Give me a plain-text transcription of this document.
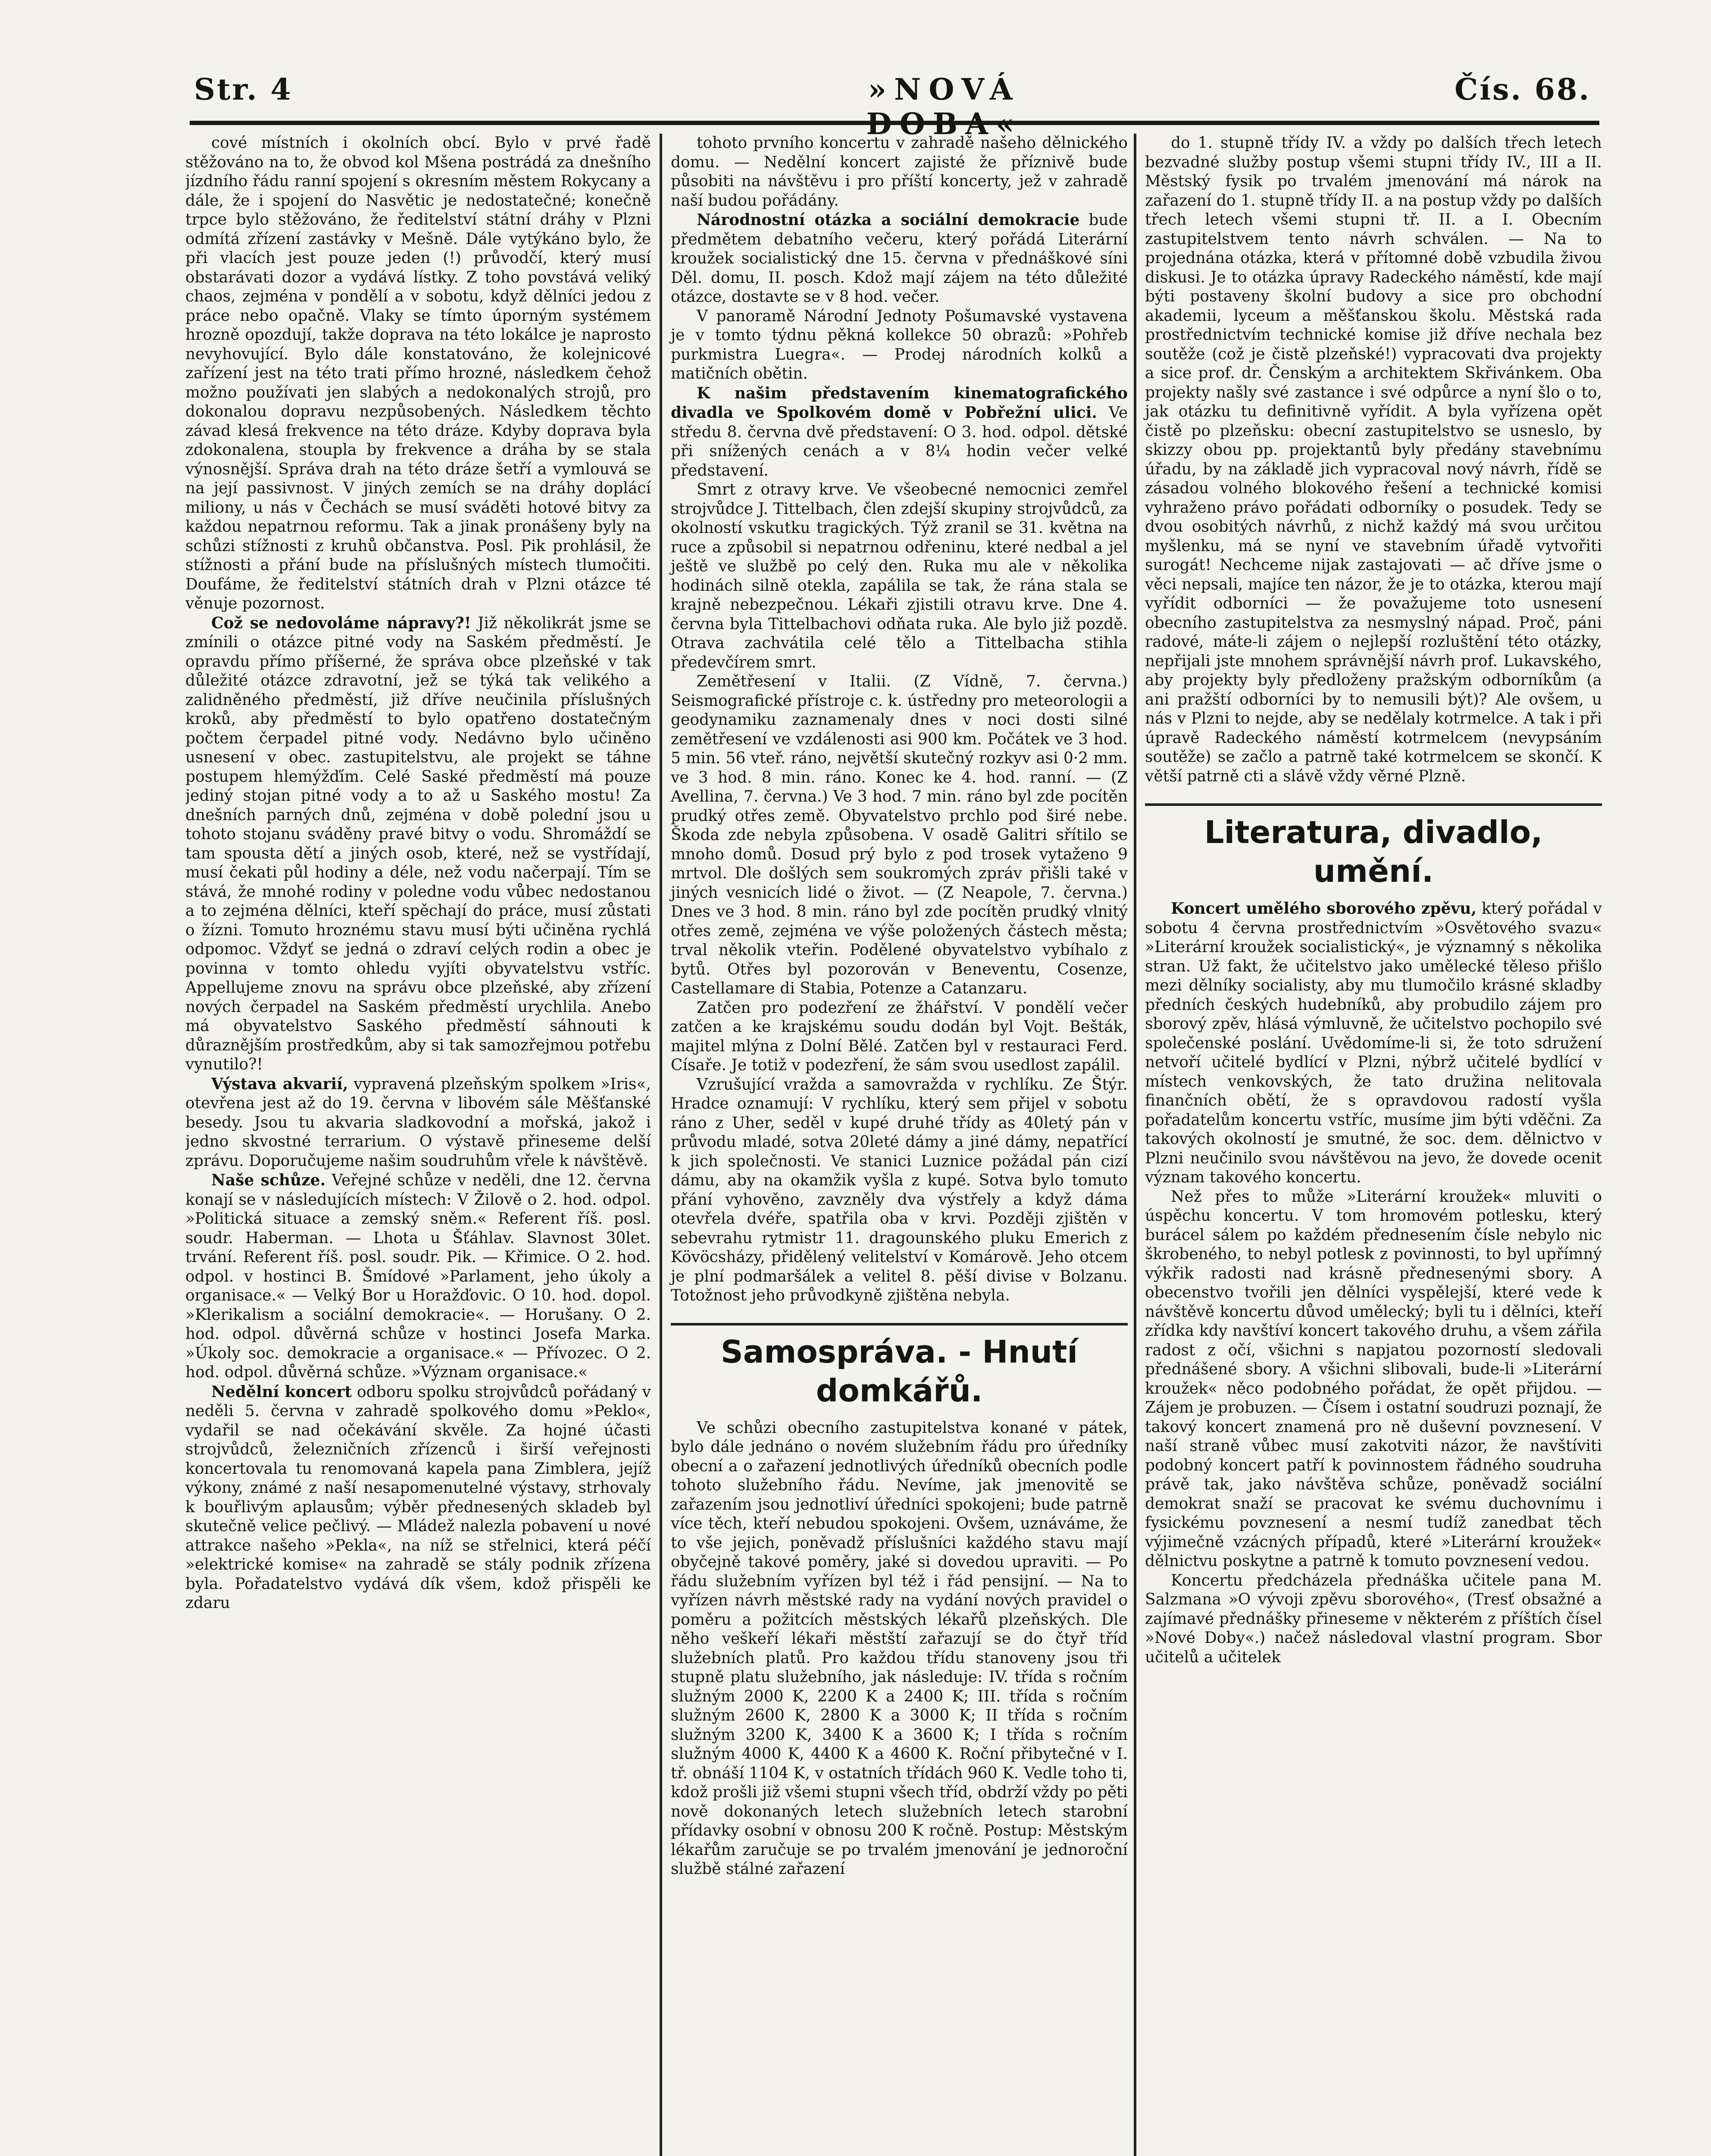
Str. 4	»NOVÁ DOBA«
Čís. 68.

cové místních i okolních obcí. Bylo v prvé řadě stěžováno na to, že obvod kol Mšena postrádá za dnešního jízdního řádu ranní spojení s okresním městem Rokycany a dále, že i spojení do Nasvětic je nedostatečné; konečně trpce bylo stěžováno, že ředitelství státní dráhy v Plzni odmítá zřízení zastávky v Mešně. Dále vytýkáno bylo, že při vlacích jest pouze jeden (!) průvodčí, který musí obstarávati dozor a vydává lístky. Z toho povstává veliký chaos, zejména v pondělí a v sobotu, když dělníci jedou z práce nebo opačně. Vlaky se tímto úporným systémem hrozně opozdují, takže doprava na této lokálce je naprosto nevyhovující. Bylo dále konstatováno, že kolejnicové zařízení jest na této trati přímo hrozné, následkem čehož možno používati jen slabých a nedokonalých strojů, pro dokonalou dopravu nezpůsobených. Následkem těchto závad klesá frekvence na této dráze. Kdyby doprava byla zdokonalena, stoupla by frekvence a dráha by se stala výnosnější. Správa drah na této dráze šetří a vymlouvá se na její passivnost. V jiných zemích se na dráhy doplácí miliony, u nás v Čechách se musí sváděti hotové bitvy za každou nepatrnou reformu. Tak a jinak pronášeny byly na schůzi stížnosti z kruhů občanstva. Posl. Pik prohlásil, že stížnosti a přání bude na příslušných místech tlumočiti. Doufáme, že ředitelství státních drah v Plzni otázce té věnuje pozornost.

Což se nedovoláme nápravy?! Již několikrát jsme se zmínili o otázce pitné vody na Saském předměstí. Je opravdu přímo příšerné, že správa obce plzeňské v tak důležité otázce zdravotní, jež se týká tak velikého a zalidněného předměstí, již dříve neučinila příslušných kroků, aby předměstí to bylo opatřeno dostatečným počtem čerpadel pitné vody. Nedávno bylo učiněno usnesení v obec. zastupitelstvu, ale projekt se táhne postupem hlemýžďím. Celé Saské předměstí má pouze jediný stojan pitné vody a to až u Saského mostu! Za dnešních parných dnů, zejména v době polední jsou u tohoto stojanu sváděny pravé bitvy o vodu. Shromáždí se tam spousta dětí a jiných osob, které, než se vystřídají, musí čekati půl hodiny a déle, než vodu načerpají. Tím se stává, že mnohé rodiny v poledne vodu vůbec nedostanou a to zejména dělníci, kteří spěchají do práce, musí zůstati o žízni. Tomuto hroznému stavu musí býti učiněna rychlá odpomoc. Vždyť se jedná o zdraví celých rodin a obec je povinna v tomto ohledu vyjíti obyvatelstvu vstříc. Appellujeme znovu na správu obce plzeňské, aby zřízení nových čerpadel na Saském předměstí urychlila. Anebo má obyvatelstvo Saského předměstí sáhnouti k důraznějším prostředkům, aby si tak samozřejmou potřebu vynutilo?!

Výstava akvarií, vypravená plzeňským spolkem »Iris«, otevřena jest až do 19. června v libovém sále Měšťanské besedy. Jsou tu akvaria sladkovodní a mořská, jakož i jedno skvostné terrarium. O výstavě přineseme delší zprávu. Doporučujeme našim soudruhům vřele k návštěvě.

Naše schůze. Veřejné schůze v neděli, dne 12. června konají se v následujících místech: V Žilově o 2. hod. odpol. »Politická situace a zemský sněm.« Referent říš. posl. soudr. Haberman. — Lhota u Šťáhlav. Slavnost 30let. trvání. Referent říš. posl. soudr. Pik. — Křimice. O 2. hod. odpol. v hostinci B. Šmídové »Parlament, jeho úkoly a organisace.« — Velký Bor u Horažďovic. O 10. hod. dopol. »Klerikalism a sociální demokracie«. — Horušany. O 2. hod. odpol. důvěrná schůze v hostinci Josefa Marka. »Úkoly soc. demokracie a organisace.« — Přívozec. O 2. hod. odpol. důvěrná schůze. »Význam organisace.«

Nedělní koncert odboru spolku strojvůdců pořádaný v neděli 5. června v zahradě spolkového domu »Peklo«, vydařil se nad očekávání skvěle. Za hojné účasti strojvůdců, železničních zřízenců i širší veřejnosti koncertovala tu renomovaná kapela pana Zimblera, jejíž výkony, známé z naší nesapomenutelné výstavy, strhovaly k bouřlivým aplausům; výběr přednesených skladeb byl skutečně velice pečlivý. — Mládež nalezla pobavení u nové attrakce našeho »Pekla«, na níž se střelnici, která péčí »elektrické komise« na zahradě se stály podnik zřízena byla. Pořadatelstvo vydává dík všem, kdož přispěli ke zdaru

tohoto prvního koncertu v zahradě našeho dělnického domu. — Nedělní koncert zajisté že příznivě bude působiti na návštěvu i pro příští koncerty, jež v zahradě naší budou pořádány.

Národnostní otázka a sociální demokracie bude předmětem debatního večeru, který pořádá Literární kroužek socialistický dne 15. června v přednáškové síni Děl. domu, II. posch. Kdož mají zájem na této důležité otázce, dostavte se v 8 hod. večer.

V panoramě Národní Jednoty Pošumavské vystavena je v tomto týdnu pěkná kollekce 50 obrazů: »Pohřeb purkmistra Luegra«. — Prodej národních kolků a matičních obětin.

K našim představením kinematografického divadla ve Spolkovém domě v Pobřežní ulici. Ve středu 8. června dvě představení: O 3. hod. odpol. dětské při snížených cenách a v 8¼ hodin večer velké představení.

Smrt z otravy krve. Ve všeobecné nemocnici zemřel strojvůdce J. Tittelbach, člen zdejší skupiny strojvůdců, za okolností vskutku tragických. Týž zranil se 31. května na ruce a způsobil si nepatrnou odřeninu, které nedbal a jel ještě ve službě po celý den. Ruka mu ale v několika hodinách silně otekla, zapálila se tak, že rána stala se krajně nebezpečnou. Lékaři zjistili otravu krve. Dne 4. června byla Tittelbachovi odňata ruka. Ale bylo již pozdě. Otrava zachvátila celé tělo a Tittelbacha stihla předevčírem smrt.

Zemětřesení v Italii. (Z Vídně, 7. června.) Seismografické přístroje c. k. ústředny pro meteorologii a geodynamiku zaznamenaly dnes v noci dosti silné zemětřesení ve vzdálenosti asi 900 km. Počátek ve 3 hod. 5 min. 56 vteř. ráno, největší skutečný rozkyv asi 0·2 mm. ve 3 hod. 8 min. ráno. Konec ke 4. hod. ranní. — (Z Avellina, 7. června.) Ve 3 hod. 7 min. ráno byl zde pocítěn prudký otřes země. Obyvatelstvo prchlo pod širé nebe. Škoda zde nebyla způsobena. V osadě Galitri sřítilo se mnoho domů. Dosud prý bylo z pod trosek vytaženo 9 mrtvol. Dle došlých sem soukromých zpráv přišli také v jiných vesnicích lidé o život. — (Z Neapole, 7. června.) Dnes ve 3 hod. 8 min. ráno byl zde pocítěn prudký vlnitý otřes země, zejména ve výše položených částech města; trval několik vteřin. Podělené obyvatelstvo vybíhalo z bytů. Otřes byl pozorován v Beneventu, Cosenze, Castellamare di Stabia, Potenze a Catanzaru.

Zatčen pro podezření ze žhářství. V pondělí večer zatčen a ke krajskému soudu dodán byl Vojt. Bešták, majitel mlýna z Dolní Bělé. Zatčen byl v restauraci Ferd. Císaře. Je totiž v podezření, že sám svou usedlost zapálil.

Vzrušující vražda a samovražda v rychlíku. Ze Štýr. Hradce oznamují: V rychlíku, který sem přijel v sobotu ráno z Uher, seděl v kupé druhé třídy as 40letý pán v průvodu mladé, sotva 20leté dámy a jiné dámy, nepatřící k jich společnosti. Ve stanici Luznice požádal pán cizí dámu, aby na okamžik vyšla z kupé. Sotva bylo tomuto přání vyhověno, zavzněly dva výstřely a když dáma otevřela dvéře, spatřila oba v krvi. Později zjištěn v sebevrahu rytmistr 11. dragounského pluku Emerich z Kövöcsházy, přidělený velitelství v Komárově. Jeho otcem je plní podmaršálek a velitel 8. pěší divise v Bolzanu. Totožnost jeho průvodkyně zjištěna nebyla.

Samospráva. - Hnutí domkářů.

Ve schůzi obecního zastupitelstva konané v pátek, bylo dále jednáno o novém služebním řádu pro úředníky obecní a o zařazení jednotlivých úředníků obecních podle tohoto služebního řádu. Nevíme, jak jmenovitě se zařazením jsou jednotliví úředníci spokojeni; bude patrně více těch, kteří nebudou spokojeni. Ovšem, uznáváme, že to vše jejich, poněvadž příslušníci každého stavu mají obyčejně takové poměry, jaké si dovedou upraviti. — Po řádu služebním vyřízen byl též i řád pensijní. — Na to vyřízen návrh městské rady na vydání nových pravidel o poměru a požitcích městských lékařů plzeňských. Dle něho veškeří lékaři městští zařazují se do čtyř tříd služebních platů. Pro každou třídu stanoveny jsou tři stupně platu služebního, jak následuje: IV. třída s ročním služným 2000 K, 2200 K a 2400 K; III. třída s ročním služným 2600 K, 2800 K a 3000 K; II třída s ročním služným 3200 K, 3400 K a 3600 K; I třída s ročním služným 4000 K, 4400 K a 4600 K. Roční přibytečné v I. tř. obnáší 1104 K, v ostatních třídách 960 K. Vedle toho ti, kdož prošli již všemi stupni všech tříd, obdrží vždy po pěti nově dokonaných letech služebních letech starobní přídavky osobní v obnosu 200 K ročně. Postup: Městským lékařům zaručuje se po trvalém jmenování je jednoroční službě stálné zařazení

do 1. stupně třídy IV. a vždy po dalších třech letech bezvadné služby postup všemi stupni třídy IV., III a II. Městský fysik po trvalém jmenování má nárok na zařazení do 1. stupně třídy II. a na postup vždy po dalších třech letech všemi stupni tř. II. a I. Obecním zastupitelstvem tento návrh schválen. — Na to projednána otázka, která v přítomné době vzbudila živou diskusi. Je to otázka úpravy Radeckého náměstí, kde mají býti postaveny školní budovy a sice pro obchodní akademii, lyceum a měšťanskou školu. Městská rada prostřednictvím technické komise již dříve nechala bez soutěže (což je čistě plzeňské!) vypracovati dva projekty a sice prof. dr. Čenským a architektem Skřivánkem. Oba projekty našly své zastance i své odpůrce a nyní šlo o to, jak otázku tu definitivně vyřídit. A byla vyřízena opět čistě po plzeňsku: obecní zastupitelstvo se usneslo, by skizzy obou pp. projektantů byly předány stavebnímu úřadu, by na základě jich vypracoval nový návrh, řídě se zásadou volného blokového řešení a technické komisi vyhraženo právo pořádati odborníky o posudek. Tedy se dvou osobitých návrhů, z nichž každý má svou určitou myšlenku, má se nyní ve stavebním úřadě vytvořiti surogát! Nechceme nijak zastajovati — ač dříve jsme o věci nepsali, majíce ten názor, že je to otázka, kterou mají vyřídit odborníci — že považujeme toto usnesení obecního zastupitelstva za nesmyslný nápad. Proč, páni radové, máte-li zájem o nejlepší rozluštění této otázky, nepřijali jste mnohem správnější návrh prof. Lukavského, aby projekty byly předloženy pražským odborníkům (a ani pražští odborníci by to nemusili být)? Ale ovšem, u nás v Plzni to nejde, aby se nedělaly kotrmelce. A tak i při úpravě Radeckého náměstí kotrmelcem (nevypsáním soutěže) se začlo a patrně také kotrmelcem se skončí. K větší patrně cti a slávě vždy věrné Plzně.

Literatura, divadlo, umění.

Koncert umělého sborového zpěvu, který pořádal v sobotu 4 června prostřednictvím »Osvětového svazu« »Literární kroužek socialistický«, je významný s několika stran. Už fakt, že učitelstvo jako umělecké těleso přišlo mezi dělníky socialisty, aby mu tlumočilo krásné skladby předních českých hudebníků, aby probudilo zájem pro sborový zpěv, hlásá výmluvně, že učitelstvo pochopilo své společenské poslání. Uvědomíme-li si, že toto sdružení netvoří učitelé bydlící v Plzni, nýbrž učitelé bydlící v místech venkovských, že tato družina nelitovala finančních obětí, že s opravdovou radostí vyšla pořadatelům koncertu vstříc, musíme jim býti vděčni. Za takových okolností je smutné, že soc. dem. dělnictvo v Plzni neučinilo svou návštěvou na jevo, že dovede ocenit význam takového koncertu.

Než přes to může »Literární kroužek« mluviti o úspěchu koncertu. V tom hromovém potlesku, který burácel sálem po každém přednesením čísle nebylo nic škrobeného, to nebyl potlesk z povinnosti, to byl upřímný výkřik radosti nad krásně přednesenými sbory. A obecenstvo tvořili jen dělníci vyspělejší, které vede k návštěvě koncertu důvod umělecký; byli tu i dělníci, kteří zřídka kdy navštíví koncert takového druhu, a všem zářila radost z očí, všichni s napjatou pozorností sledovali přednášené sbory. A všichni slibovali, bude-li »Literární kroužek« něco podobného pořádat, že opět přijdou. — Zájem je probuzen. — Čísem i ostatní soudruzi poznají, že takový koncert znamená pro ně duševní povznesení. V naší straně vůbec musí zakotviti názor, že navštíviti podobný koncert patří k povinnostem řádného soudruha právě tak, jako návštěva schůze, poněvadž sociální demokrat snaží se pracovat ke svému duchovnímu i fysickému povznesení a nesmí tudíž zanedbat těch výjimečně vzácných případů, které »Literární kroužek« dělnictvu poskytne a patrně k tomuto povznesení vedou.

Koncertu předcházela přednáška učitele pana M. Salzmana »O vývoji zpěvu sborového«, (Tresť obsažné a zajímavé přednášky přineseme v některém z příštích čísel »Nové Doby«.) načež následoval vlastní program. Sbor učitelů a učitelek
